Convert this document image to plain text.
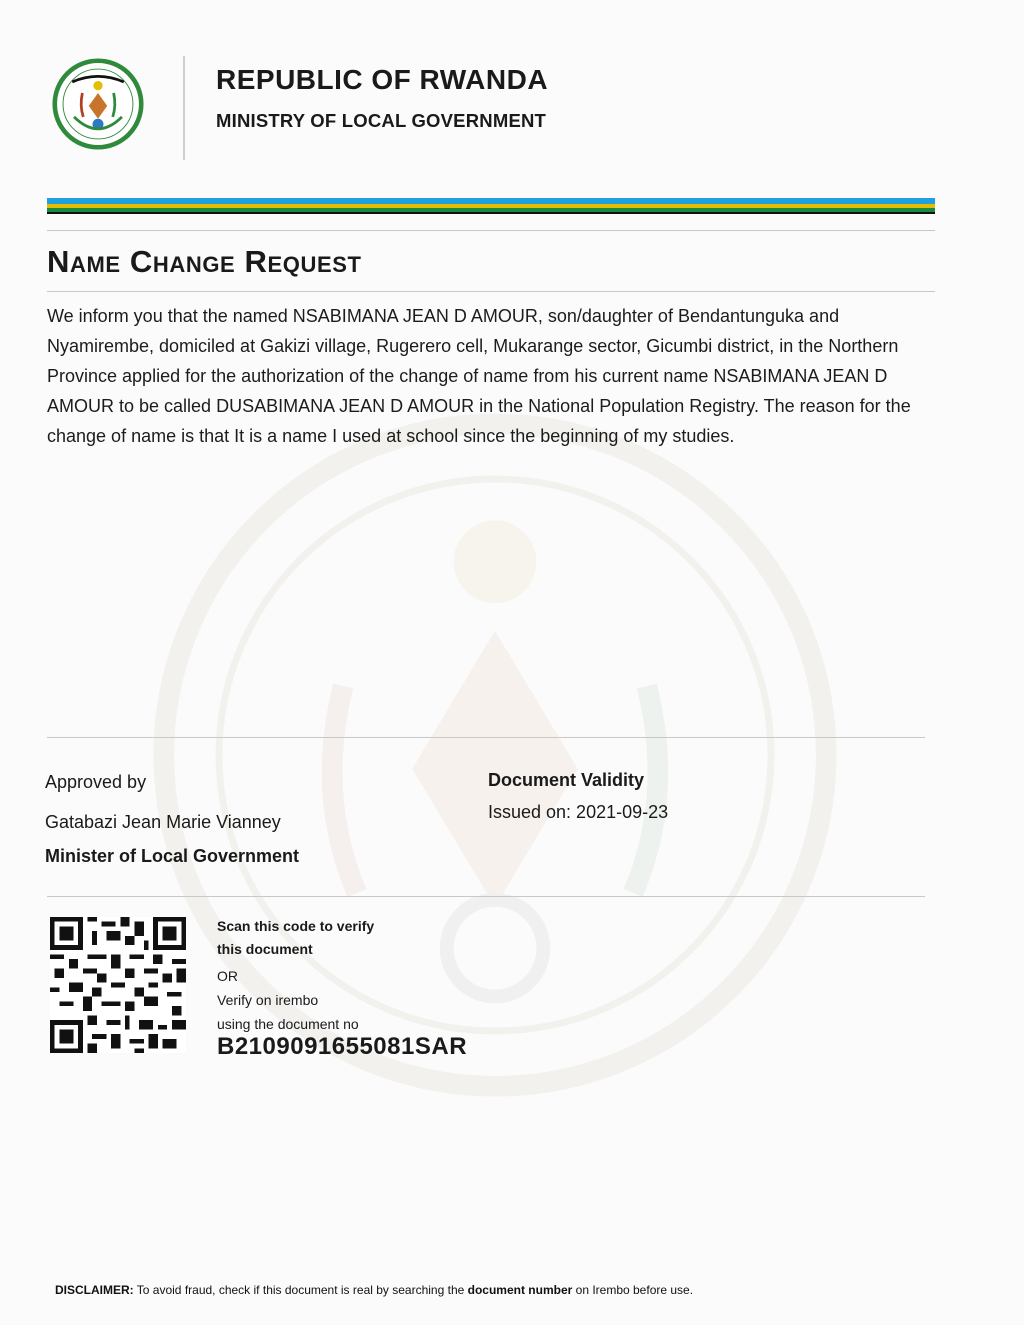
REPUBLIC OF RWANDA
MINISTRY OF LOCAL GOVERNMENT
Name Change Request
We inform you that the named NSABIMANA JEAN D AMOUR, son/daughter of Bendantunguka and Nyamirembe, domiciled at Gakizi village, Rugerero cell, Mukarange sector, Gicumbi district, in the Northern Province applied for the authorization of the change of name from his current name NSABIMANA JEAN D AMOUR to be called DUSABIMANA JEAN D AMOUR in the National Population Registry. The reason for the change of name is that It is a name I used at school since the beginning of my studies.
Approved by
Gatabazi Jean Marie Vianney
Minister of Local Government
Document Validity
Issued on: 2021-09-23
Scan this code to verify
this document
OR
Verify on irembo
using the document no
B2109091655081SAR
DISCLAIMER: To avoid fraud, check if this document is real by searching the document number on Irembo before use.
